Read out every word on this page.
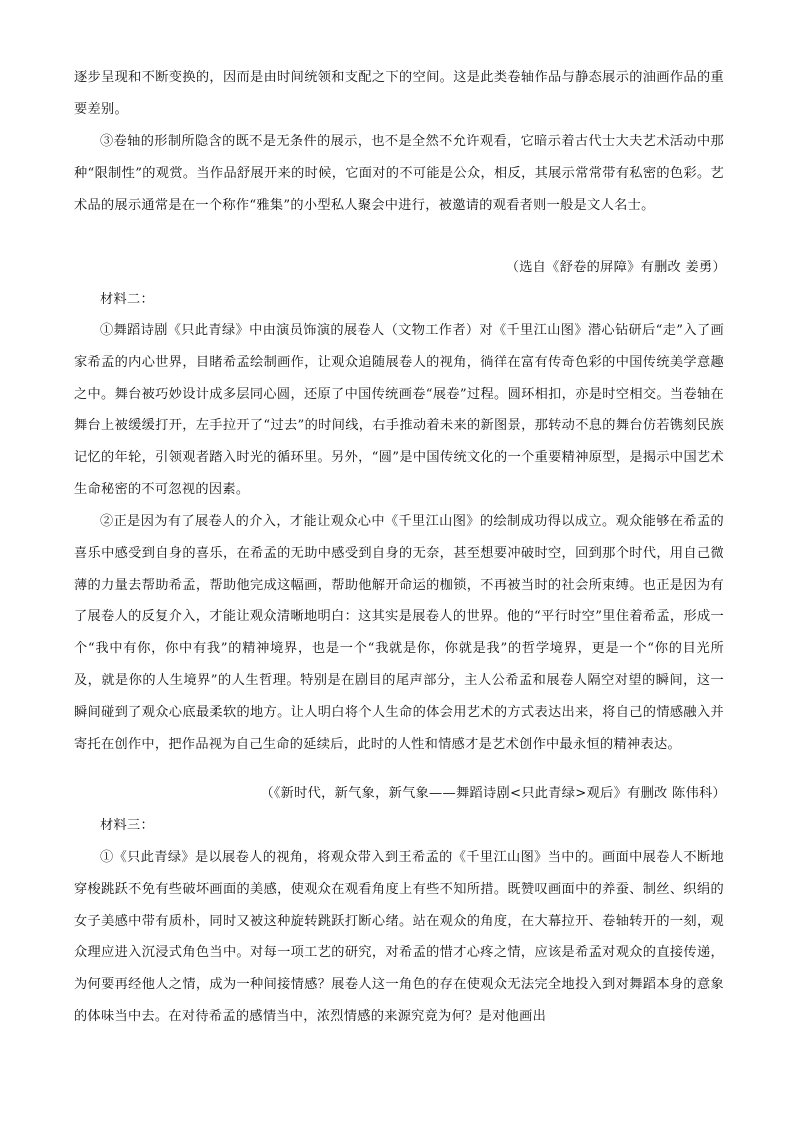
逐步呈现和不断变换的，因而是由时间统领和支配之下的空间。这是此类卷轴作品与静态展示的油画作品的重要差别。

③卷轴的形制所隐含的既不是无条件的展示，也不是全然不允许观看，它暗示着古代士大夫艺术活动中那种“限制性”的观赏。当作品舒展开来的时候，它面对的不可能是公众，相反，其展示常常带有私密的色彩。艺术品的展示通常是在一个称作“雅集”的小型私人聚会中进行，被邀请的观看者则一般是文人名士。

（选自《舒卷的屏障》有删改 姜勇）

材料二：

①舞蹈诗剧《只此青绿》中由演员饰演的展卷人（文物工作者）对《千里江山图》潜心钻研后“走”入了画家希孟的内心世界，目睹希孟绘制画作，让观众追随展卷人的视角，徜徉在富有传奇色彩的中国传统美学意趣之中。舞台被巧妙设计成多层同心圆，还原了中国传统画卷“展卷”过程。圆环相扣，亦是时空相交。当卷轴在舞台上被缓缓打开，左手拉开了“过去”的时间线，右手推动着未来的新图景，那转动不息的舞台仿若镌刻民族记忆的年轮，引领观者踏入时光的循环里。另外，“圆”是中国传统文化的一个重要精神原型，是揭示中国艺术生命秘密的不可忽视的因素。

②正是因为有了展卷人的介入，才能让观众心中《千里江山图》的绘制成功得以成立。观众能够在希孟的喜乐中感受到自身的喜乐，在希孟的无助中感受到自身的无奈，甚至想要冲破时空，回到那个时代，用自己微薄的力量去帮助希孟，帮助他完成这幅画，帮助他解开命运的枷锁，不再被当时的社会所束缚。也正是因为有了展卷人的反复介入，才能让观众清晰地明白：这其实是展卷人的世界。他的“平行时空”里住着希孟，形成一个“我中有你，你中有我”的精神境界，也是一个“我就是你，你就是我”的哲学境界，更是一个“你的目光所及，就是你的人生境界”的人生哲理。特别是在剧目的尾声部分，主人公希孟和展卷人隔空对望的瞬间，这一瞬间碰到了观众心底最柔软的地方。让人明白将个人生命的体会用艺术的方式表达出来，将自己的情感融入并寄托在创作中，把作品视为自己生命的延续后，此时的人性和情感才是艺术创作中最永恒的精神表达。

（《新时代，新气象，新气象——舞蹈诗剧<只此青绿>观后》有删改 陈伟科）

材料三：

①《只此青绿》是以展卷人的视角，将观众带入到王希孟的《千里江山图》当中的。画面中展卷人不断地穿梭跳跃不免有些破坏画面的美感，使观众在观看角度上有些不知所措。既赞叹画面中的养蚕、制丝、织绢的女子美感中带有质朴，同时又被这种旋转跳跃打断心绪。站在观众的角度，在大幕拉开、卷轴转开的一刻，观众理应进入沉浸式角色当中。对每一项工艺的研究，对希孟的惜才心疼之情，应该是希孟对观众的直接传递，为何要再经他人之情，成为一种间接情感？展卷人这一角色的存在使观众无法完全地投入到对舞蹈本身的意象的体味当中去。在对待希孟的感情当中，浓烈情感的来源究竟为何？是对他画出
